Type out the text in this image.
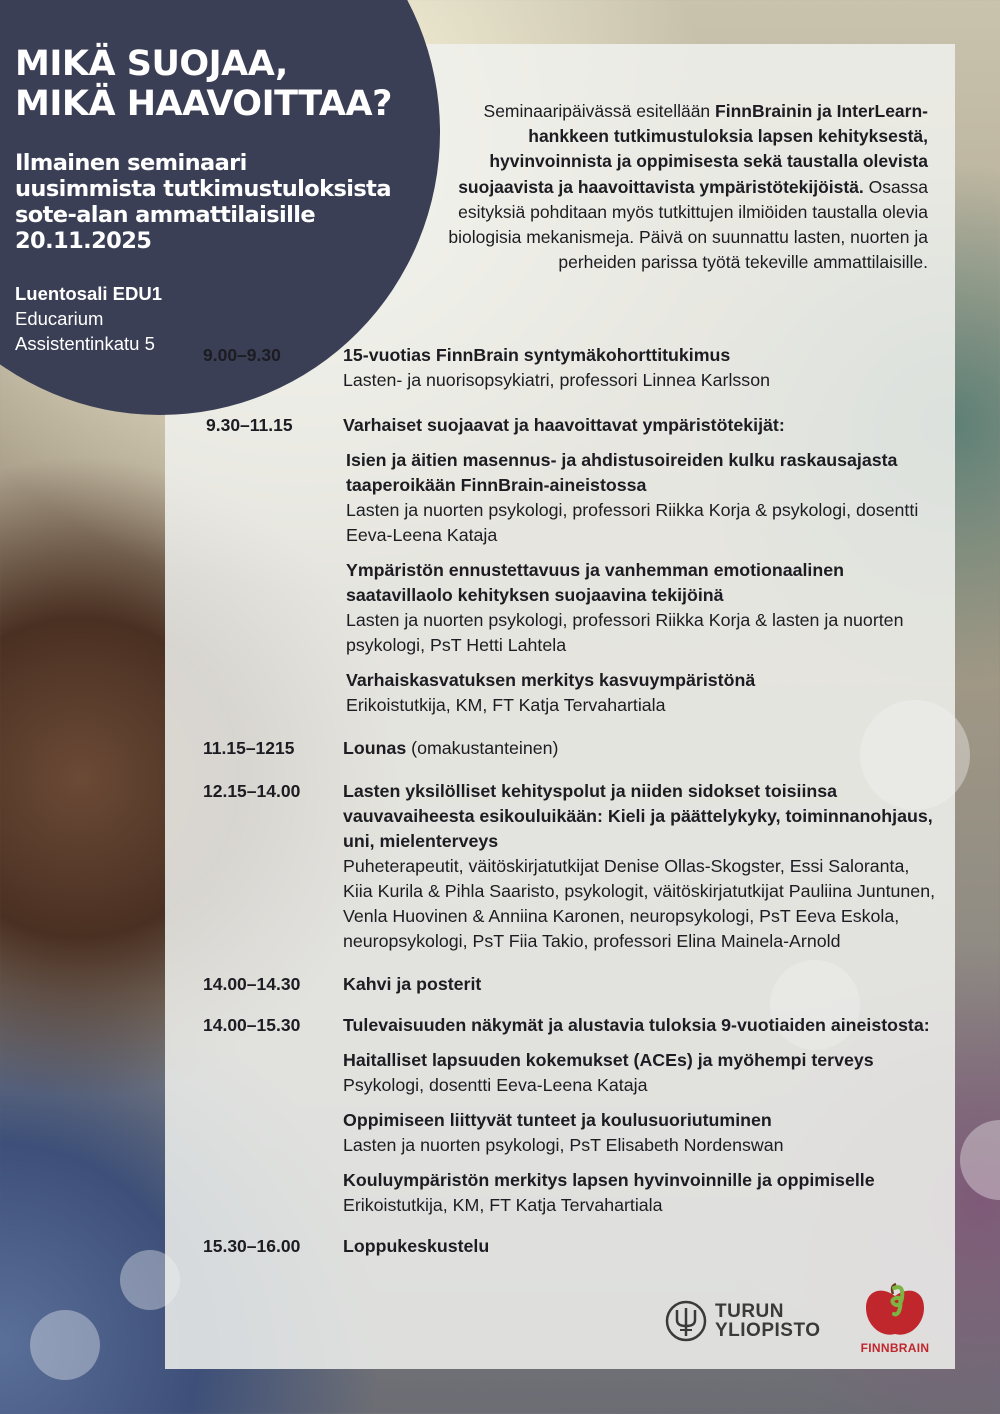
MIKÄ SUOJAA,
MIKÄ HAAVOITTAA?
Ilmainen seminaari
uusimmista tutkimustuloksista
sote-alan ammattilaisille
20.11.2025
Luentosali EDU1
Educarium
Assistentinkatu 5
Seminaaripäivässä esitellään FinnBrainin ja InterLearn-hankkeen tutkimustuloksia lapsen kehityksestä, hyvinvoinnista ja oppimisesta sekä taustalla olevista suojaavista ja haavoittavista ympäristötekijöistä. Osassa esityksiä pohditaan myös tutkittujen ilmiöiden taustalla olevia biologisia mekanismeja. Päivä on suunnattu lasten, nuorten ja perheiden parissa työtä tekeville ammattilaisille.
9.00–9.30	15-vuotias FinnBrain syntymäkohorttitukimus
Lasten- ja nuorisopsykiatri, professori Linnea Karlsson
9.30–11.15	Varhaiset suojaavat ja haavoittavat ympäristötekijät:
Isien ja äitien masennus- ja ahdistusoireiden kulku raskausajasta taaperoikään FinnBrain-aineistossa
Lasten ja nuorten psykologi, professori Riikka Korja & psykologi, dosentti Eeva-Leena Kataja
Ympäristön ennustettavuus ja vanhemman emotionaalinen saatavillaolo kehityksen suojaavina tekijöinä
Lasten ja nuorten psykologi, professori Riikka Korja & lasten ja nuorten psykologi, PsT Hetti Lahtela
Varhaiskasvatuksen merkitys kasvuympäristönä
Erikoistutkija, KM, FT Katja Tervahartiala
11.15–1215	Lounas (omakustanteinen)
12.15–14.00	Lasten yksilölliset kehityspolut ja niiden sidokset toisiinsa vauvavaiheesta esikouluikään: Kieli ja päättelykyky, toiminnanohjaus, uni, mielenterveys
Puheterapeutit, väitöskirjatutkijat Denise Ollas-Skogster, Essi Saloranta, Kiia Kurila & Pihla Saaristo, psykologit, väitöskirjatutkijat Pauliina Juntunen, Venla Huovinen & Anniina Karonen, neuropsykologi, PsT Eeva Eskola, neuropsykologi, PsT Fiia Takio, professori Elina Mainela-Arnold
14.00–14.30	Kahvi ja posterit
14.00–15.30	Tulevaisuuden näkymät ja alustavia tuloksia 9-vuotiaiden aineistosta:
Haitalliset lapsuuden kokemukset (ACEs) ja myöhempi terveys
Psykologi, dosentti Eeva-Leena Kataja
Oppimiseen liittyvät tunteet ja koulusuoriutuminen
Lasten ja nuorten psykologi, PsT Elisabeth Nordenswan
Kouluympäristön merkitys lapsen hyvinvoinnille ja oppimiselle
Erikoistutkija, KM, FT Katja Tervahartiala
15.30–16.00	Loppukeskustelu
TURUN
YLIOPISTO
FINNBRAIN
